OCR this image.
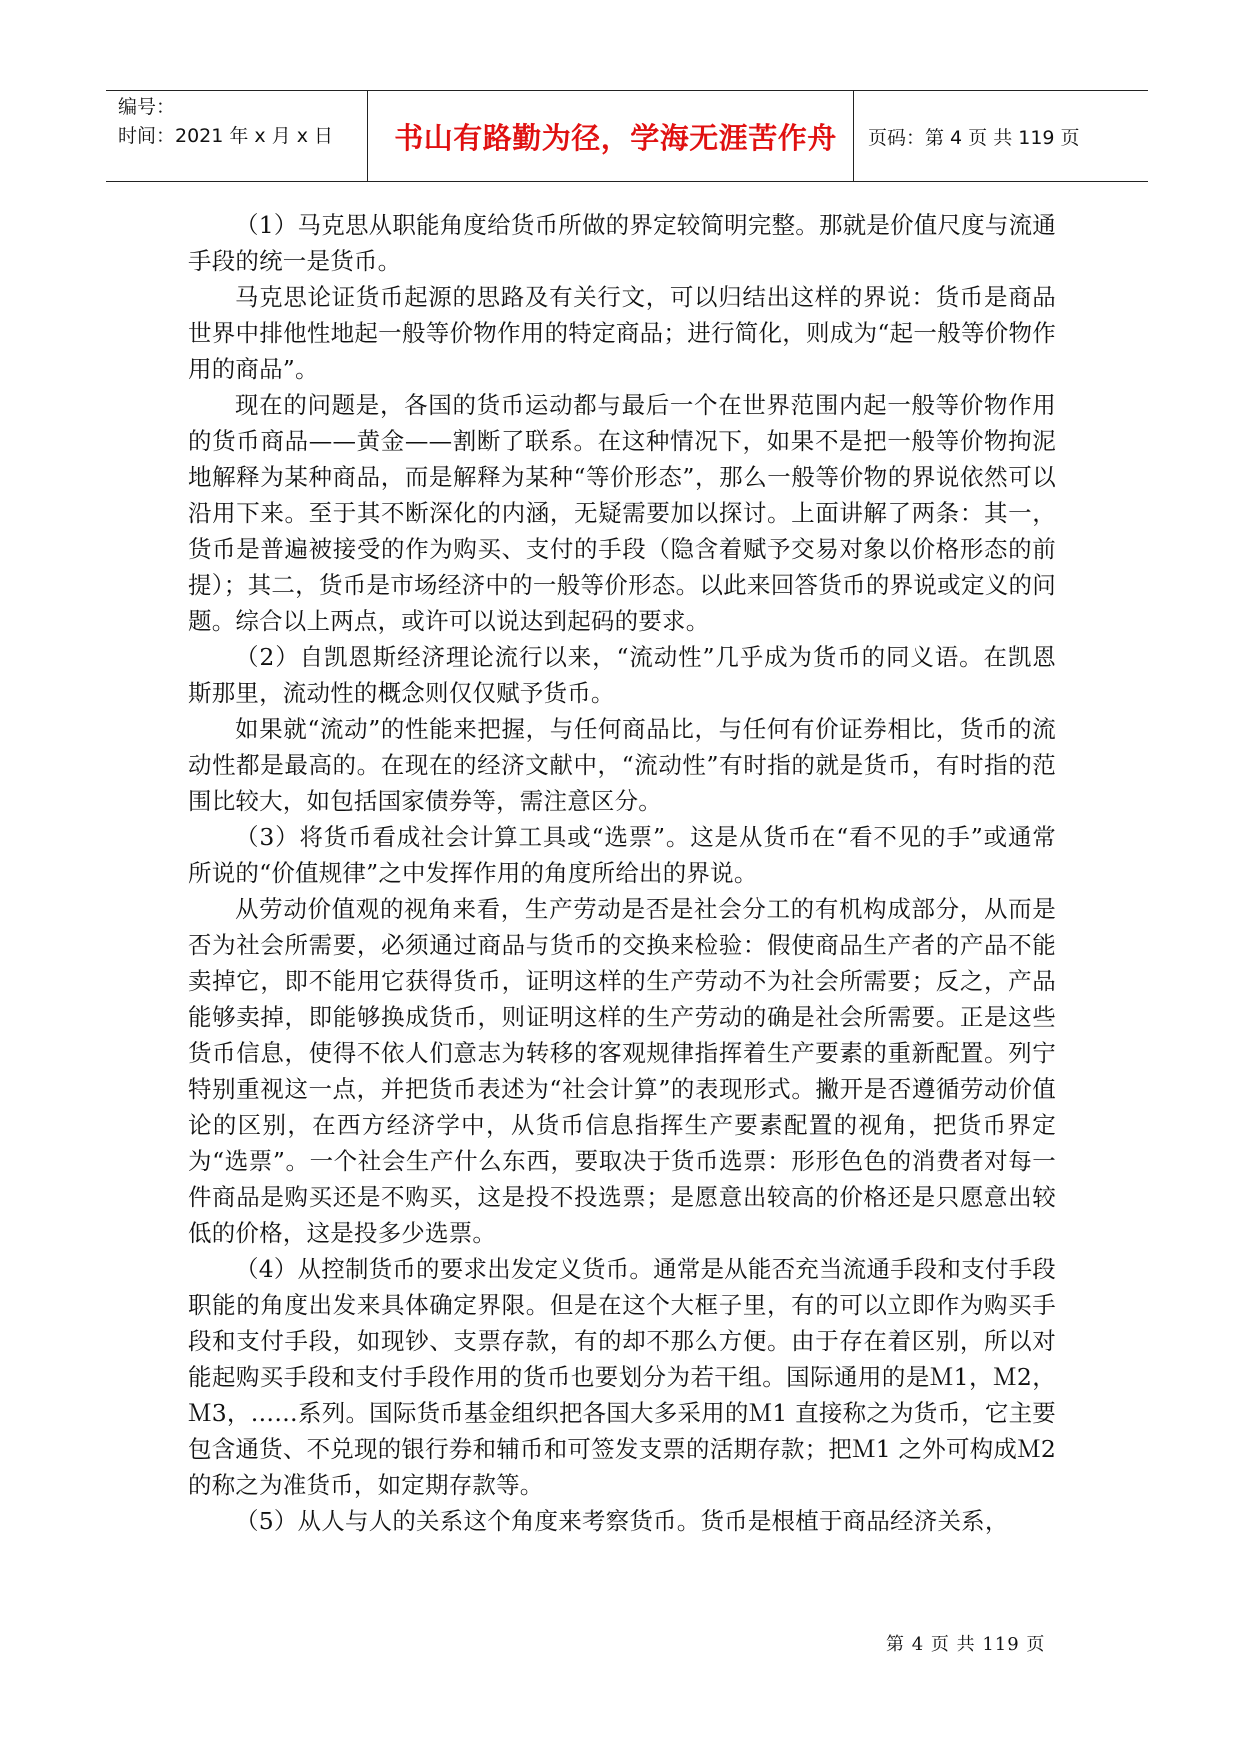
编号：
时间：2021 年 x 月 x 日	书山有路勤为径，学海无涯苦作舟 页码：第 4 页 共 119 页

（1）马克思从职能角度给货币所做的界定较简明完整。那就是价值尺度与流通手段的统一是货币。

马克思论证货币起源的思路及有关行文，可以归结出这样的界说：货币是商品世界中排他性地起一般等价物作用的特定商品；进行简化，则成为“起一般等价物作用的商品”。

现在的问题是，各国的货币运动都与最后一个在世界范围内起一般等价物作用的货币商品——黄金——割断了联系。在这种情况下，如果不是把一般等价物拘泥地解释为某种商品，而是解释为某种“等价形态”，那么一般等价物的界说依然可以沿用下来。至于其不断深化的内涵，无疑需要加以探讨。上面讲解了两条：其一，货币是普遍被接受的作为购买、支付的手段（隐含着赋予交易对象以价格形态的前提）；其二，货币是市场经济中的一般等价形态。以此来回答货币的界说或定义的问题。综合以上两点，或许可以说达到起码的要求。

（2）自凯恩斯经济理论流行以来，“流动性”几乎成为货币的同义语。在凯恩斯那里，流动性的概念则仅仅赋予货币。

如果就“流动”的性能来把握，与任何商品比，与任何有价证券相比，货币的流动性都是最高的。在现在的经济文献中，“流动性”有时指的就是货币，有时指的范围比较大，如包括国家债券等，需注意区分。

（3）将货币看成社会计算工具或“选票”。这是从货币在“看不见的手”或通常所说的“价值规律”之中发挥作用的角度所给出的界说。

从劳动价值观的视角来看，生产劳动是否是社会分工的有机构成部分，从而是否为社会所需要，必须通过商品与货币的交换来检验：假使商品生产者的产品不能卖掉它，即不能用它获得货币，证明这样的生产劳动不为社会所需要；反之，产品能够卖掉，即能够换成货币，则证明这样的生产劳动的确是社会所需要。正是这些货币信息，使得不依人们意志为转移的客观规律指挥着生产要素的重新配置。列宁特别重视这一点，并把货币表述为“社会计算”的表现形式。撇开是否遵循劳动价值论的区别，在西方经济学中，从货币信息指挥生产要素配置的视角，把货币界定为“选票”。一个社会生产什么东西，要取决于货币选票：形形色色的消费者对每一件商品是购买还是不购买，这是投不投选票；是愿意出较高的价格还是只愿意出较低的价格，这是投多少选票。

（4）从控制货币的要求出发定义货币。通常是从能否充当流通手段和支付手段职能的角度出发来具体确定界限。但是在这个大框子里，有的可以立即作为购买手段和支付手段，如现钞、支票存款，有的却不那么方便。由于存在着区别，所以对能起购买手段和支付手段作用的货币也要划分为若干组。国际通用的是Ｍ1，Ｍ2，Ｍ3，……系列。国际货币基金组织把各国大多采用的Ｍ1 直接称之为货币，它主要包含通货、不兑现的银行券和辅币和可签发支票的活期存款；把Ｍ1 之外可构成Ｍ2 的称之为准货币，如定期存款等。

（5）从人与人的关系这个角度来考察货币。货币是根植于商品经济关系，

第 4 页 共 119 页
